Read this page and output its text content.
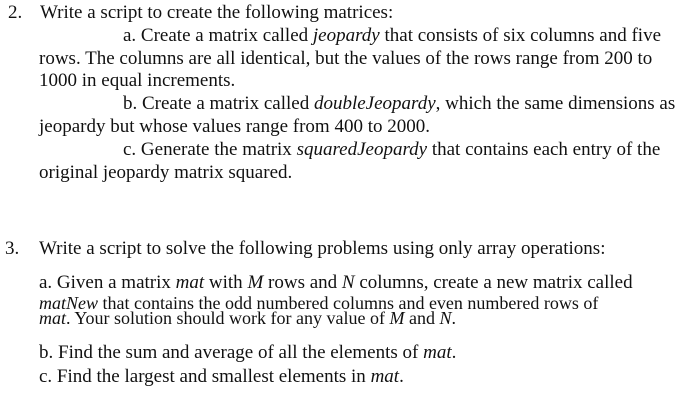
2. Write a script to create the following matrices:
a. Create a matrix called jeopardy that consists of six columns and five
rows. The columns are all identical, but the values of the rows range from 200 to
1000 in equal increments.
b. Create a matrix called doubleJeopardy, which the same dimensions as
jeopardy but whose values range from 400 to 2000.
c. Generate the matrix squaredJeopardy that contains each entry of the
original jeopardy matrix squared.
3. Write a script to solve the following problems using only array operations:
a. Given a matrix mat with M rows and N columns, create a new matrix called
matNew that contains the odd numbered columns and even numbered rows of
mat. Your solution should work for any value of M and N.
b. Find the sum and average of all the elements of mat.
c. Find the largest and smallest elements in mat.
